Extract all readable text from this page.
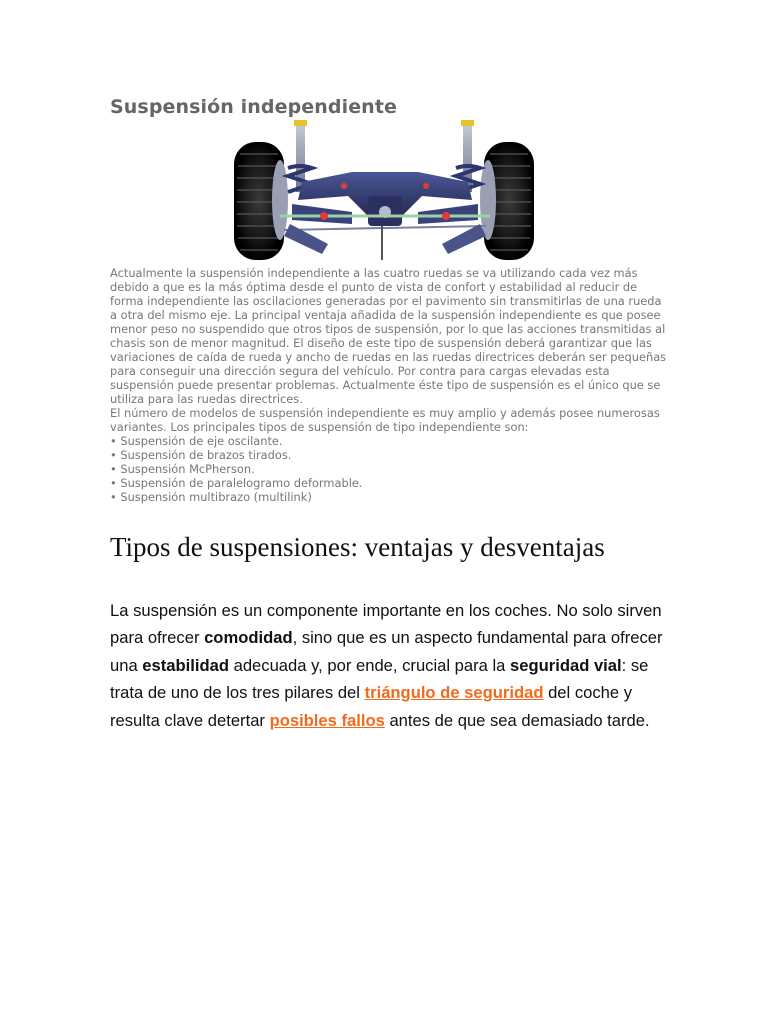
Suspensión independiente

Actualmente la suspensión independiente a las cuatro ruedas se va utilizando cada vez más debido a que es la más óptima desde el punto de vista de confort y estabilidad al reducir de forma independiente las oscilaciones generadas por el pavimento sin transmitirlas de una rueda a otra del mismo eje. La principal ventaja añadida de la suspensión independiente es que posee menor peso no suspendido que otros tipos de suspensión, por lo que las acciones transmitidas al chasis son de menor magnitud. El diseño de este tipo de suspensión deberá garantizar que las variaciones de caída de rueda y ancho de ruedas en las ruedas directrices deberán ser pequeñas para conseguir una dirección segura del vehículo. Por contra para cargas elevadas esta suspensión puede presentar problemas. Actualmente éste tipo de suspensión es el único que se utiliza para las ruedas directrices.

El número de modelos de suspensión independiente es muy amplio y además posee numerosas variantes. Los principales tipos de suspensión de tipo independiente son:

• Suspensión de eje oscilante.
• Suspensión de brazos tirados.
• Suspensión McPherson.
• Suspensión de paralelogramo deformable.
• Suspensión multibrazo (multilink)
Tipos de suspensiones: ventajas y desventajas

La suspensión es un componente importante en los coches. No solo sirven para ofrecer comodidad, sino que es un aspecto fundamental para ofrecer una estabilidad adecuada y, por ende, crucial para la seguridad vial: se trata de uno de los tres pilares del triángulo de seguridad del coche y resulta clave detertar posibles fallos antes de que sea demasiado tarde.
